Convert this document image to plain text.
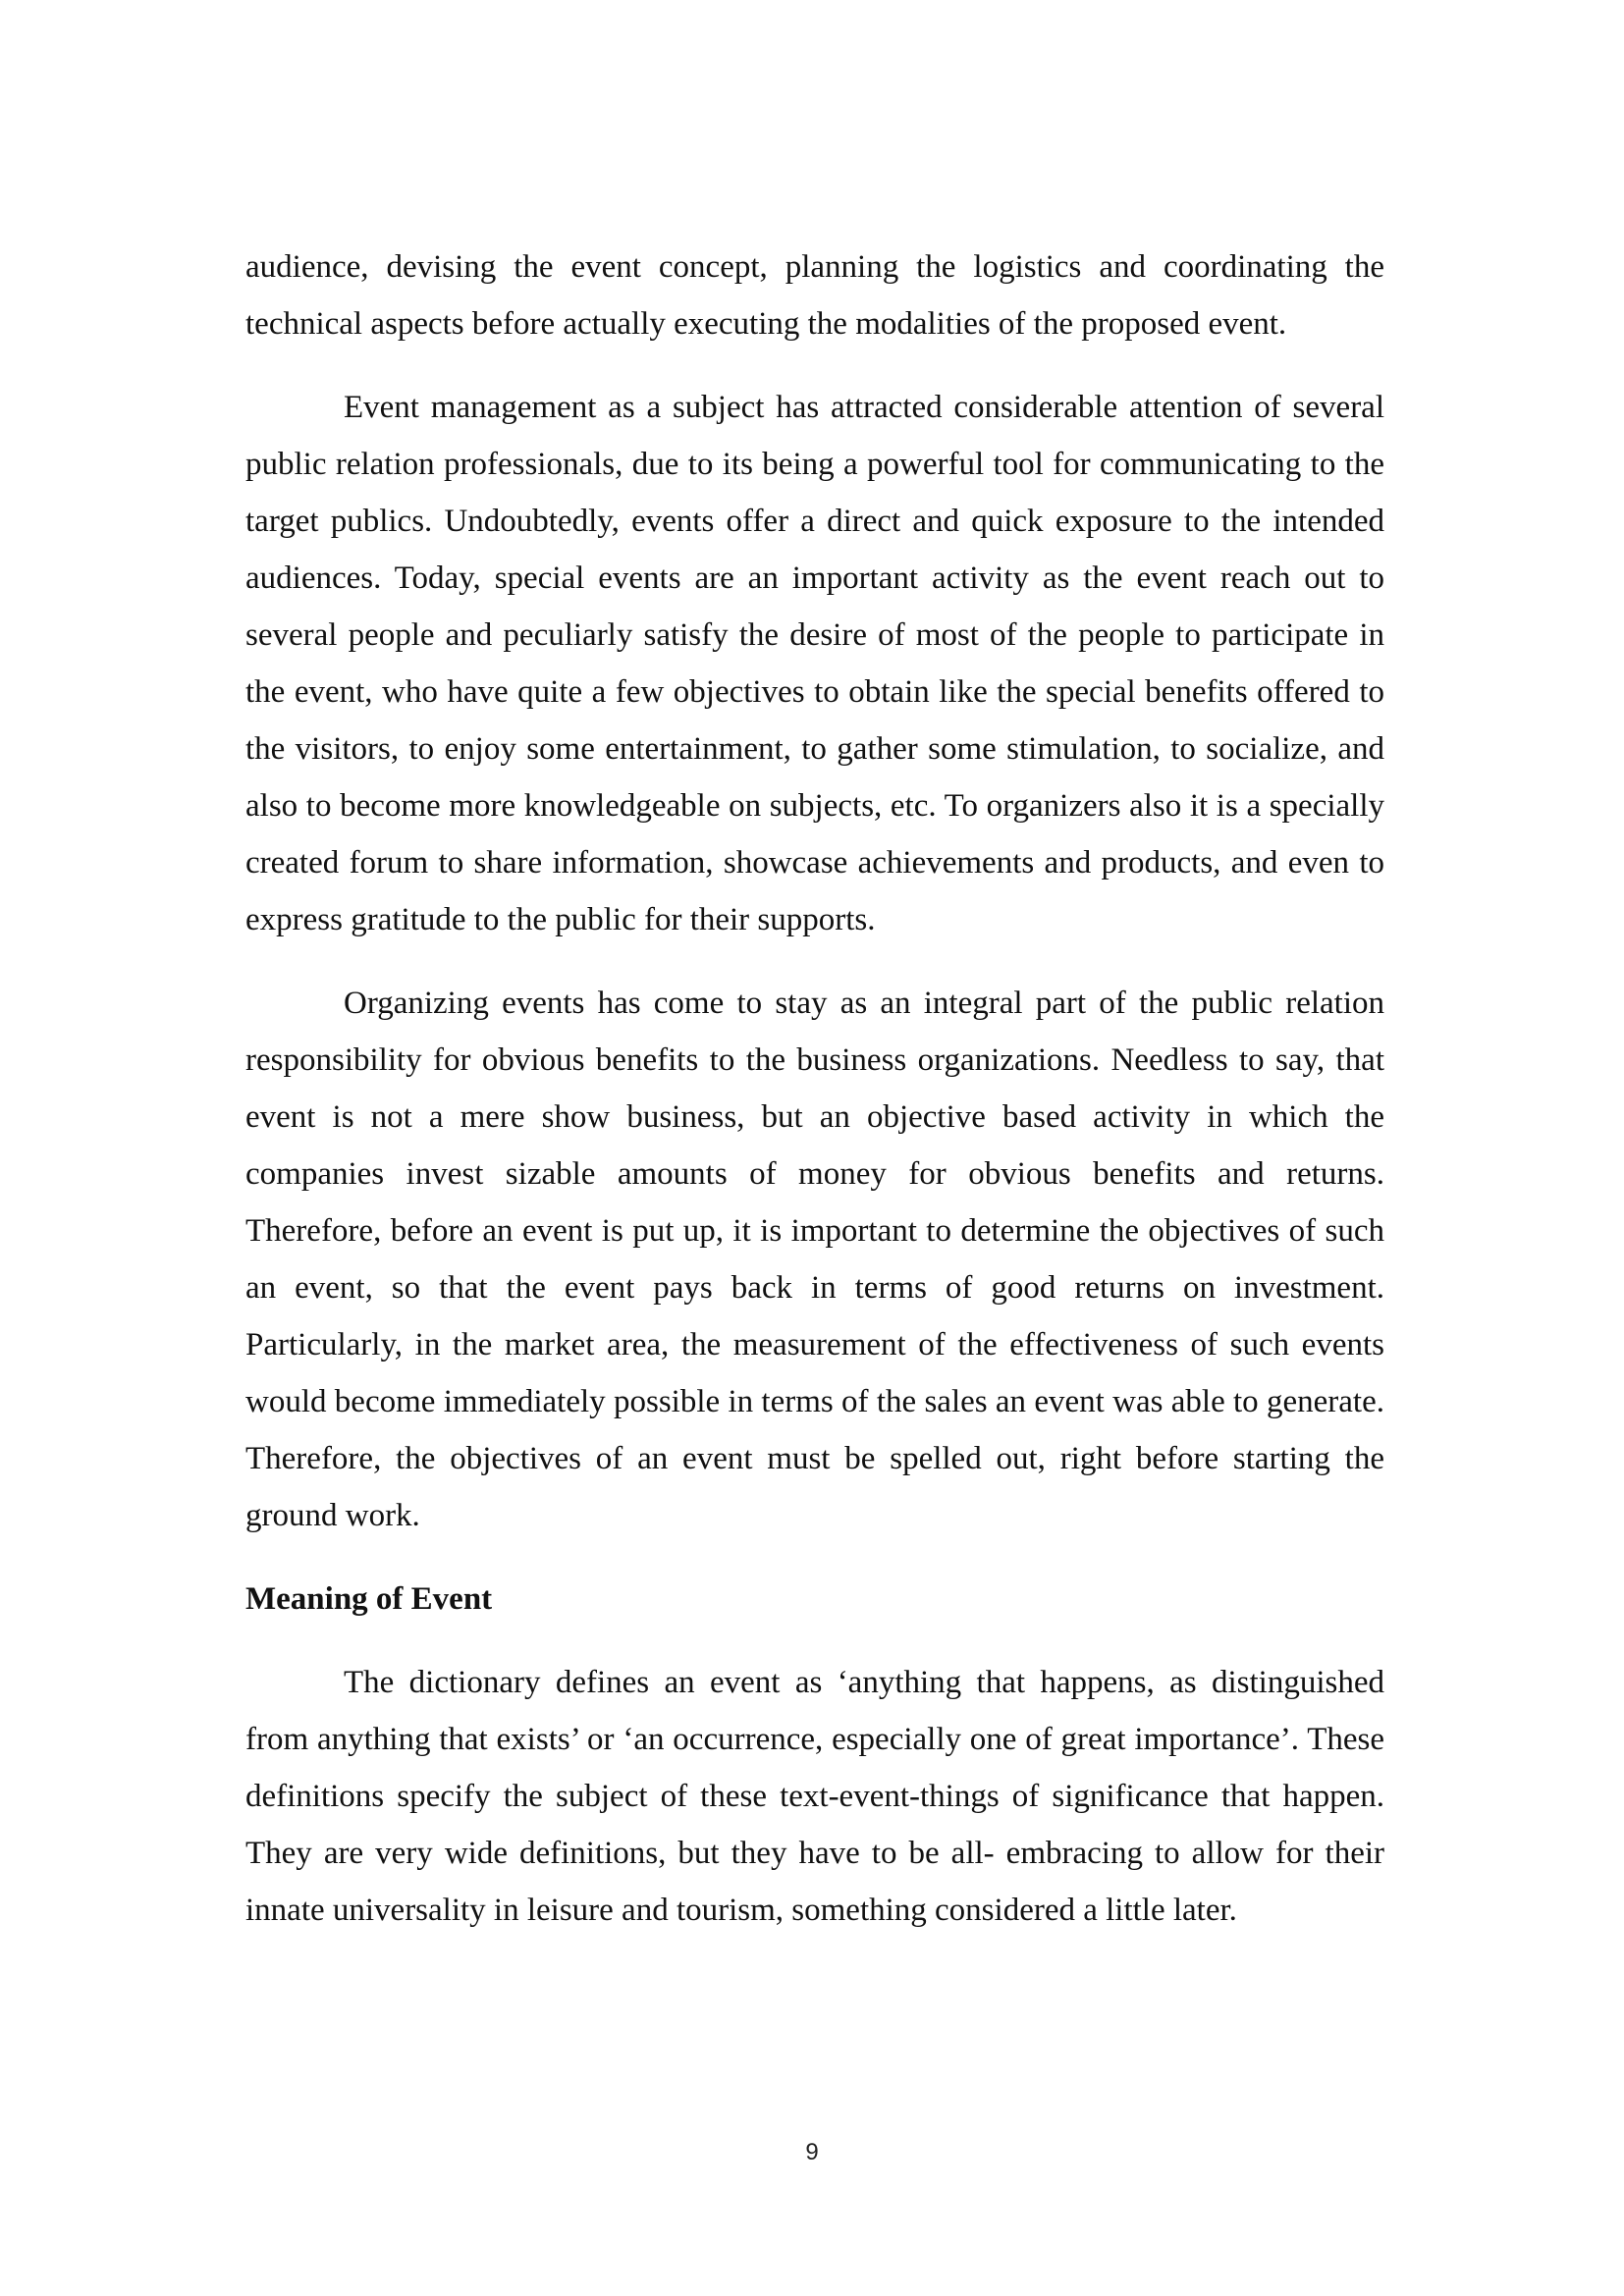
audience, devising the event concept, planning the logistics and coordinating the technical aspects before actually executing the modalities of the proposed event.

Event management as a subject has attracted considerable attention of several public relation professionals, due to its being a powerful tool for communicating to the target publics. Undoubtedly, events offer a direct and quick exposure to the intended audiences. Today, special events are an important activity as the event reach out to several people and peculiarly satisfy the desire of most of the people to participate in the event, who have quite a few objectives to obtain like the special benefits offered to the visitors, to enjoy some entertainment, to gather some stimulation, to socialize, and also to become more knowledgeable on subjects, etc. To organizers also it is a specially created forum to share information, showcase achievements and products, and even to express gratitude to the public for their supports.

Organizing events has come to stay as an integral part of the public relation responsibility for obvious benefits to the business organizations. Needless to say, that event is not a mere show business, but an objective based activity in which the companies invest sizable amounts of money for obvious benefits and returns. Therefore, before an event is put up, it is important to determine the objectives of such an event, so that the event pays back in terms of good returns on investment. Particularly, in the market area, the measurement of the effectiveness of such events would become immediately possible in terms of the sales an event was able to generate. Therefore, the objectives of an event must be spelled out, right before starting the ground work.

Meaning of Event

The dictionary defines an event as ‘anything that happens, as distinguished from anything that exists’ or ‘an occurrence, especially one of great importance’. These definitions specify the subject of these text-event-things of significance that happen. They are very wide definitions, but they have to be all- embracing to allow for their innate universality in leisure and tourism, something considered a little later.

9
